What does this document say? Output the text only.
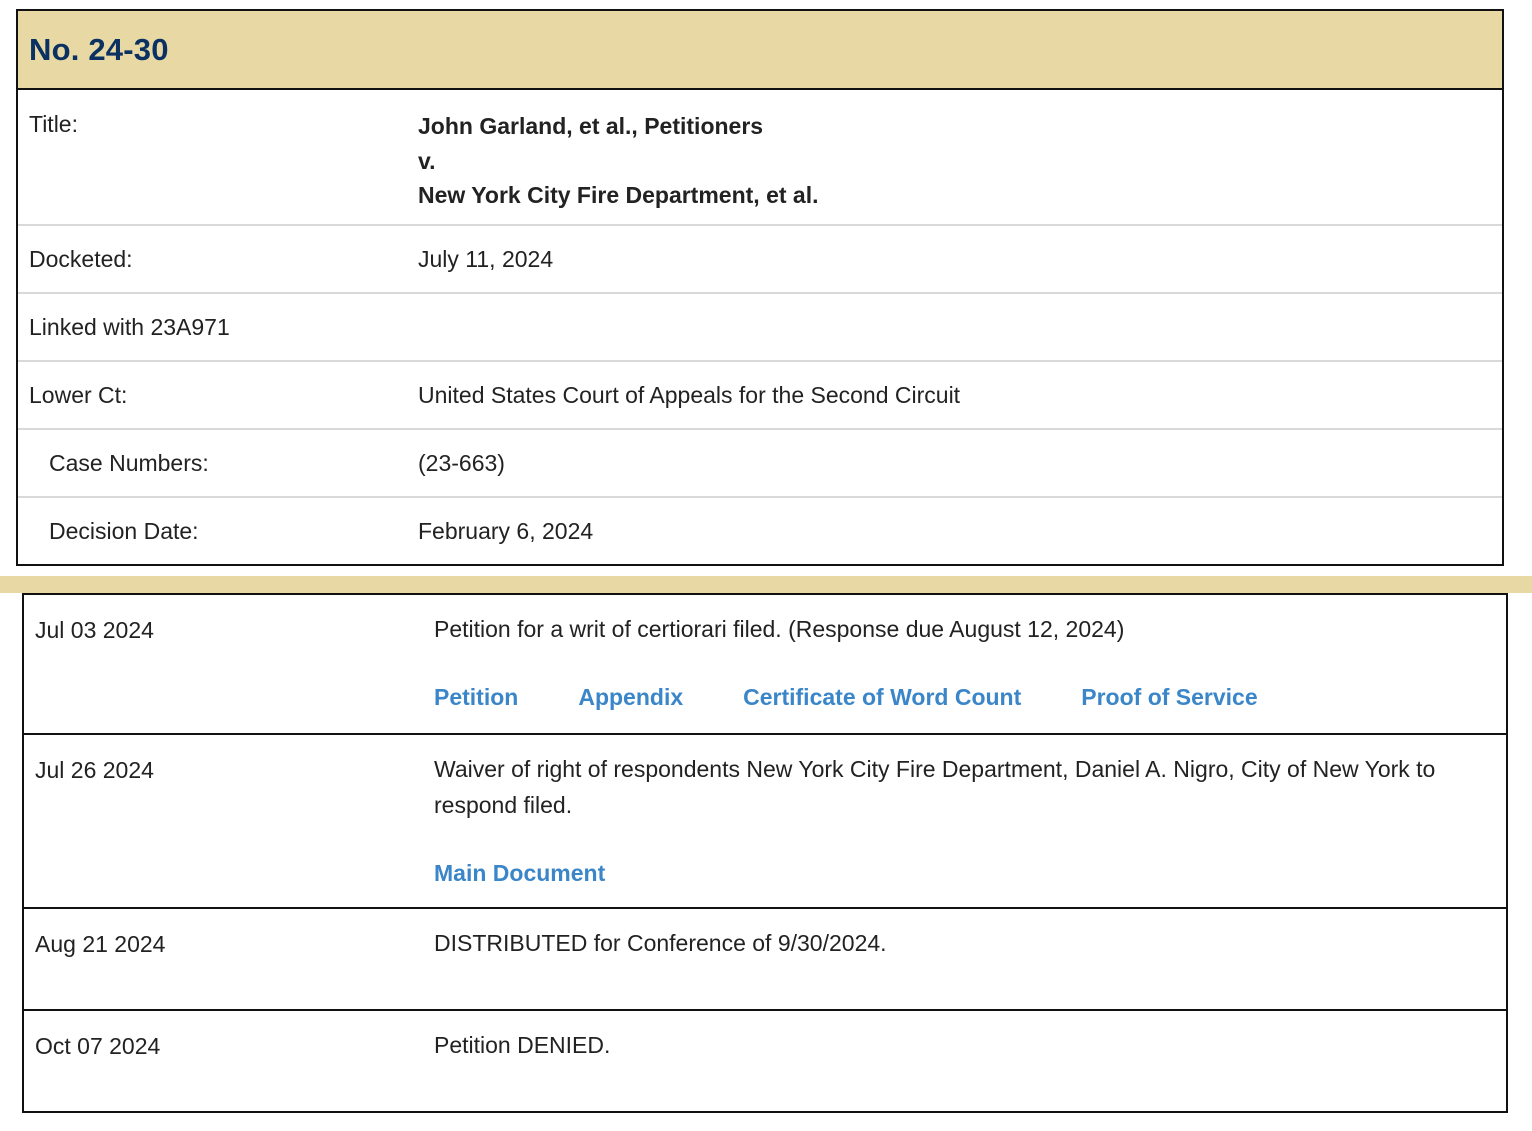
No. 24-30
Title:	John Garland, et al., Petitioners
v.
New York City Fire Department, et al.
Docketed:	July 11, 2024
Linked with 23A971
Lower Ct:	United States Court of Appeals for the Second Circuit
Case Numbers:	(23-663)
Decision Date:	February 6, 2024
Jul 03 2024	Petition for a writ of certiorari filed. (Response due August 12, 2024)
Petition	Appendix	Certificate of Word Count	Proof of Service
Jul 26 2024	Waiver of right of respondents New York City Fire Department, Daniel A. Nigro, City of New York to respond filed.
Main Document
Aug 21 2024	DISTRIBUTED for Conference of 9/30/2024.
Oct 07 2024	Petition DENIED.
